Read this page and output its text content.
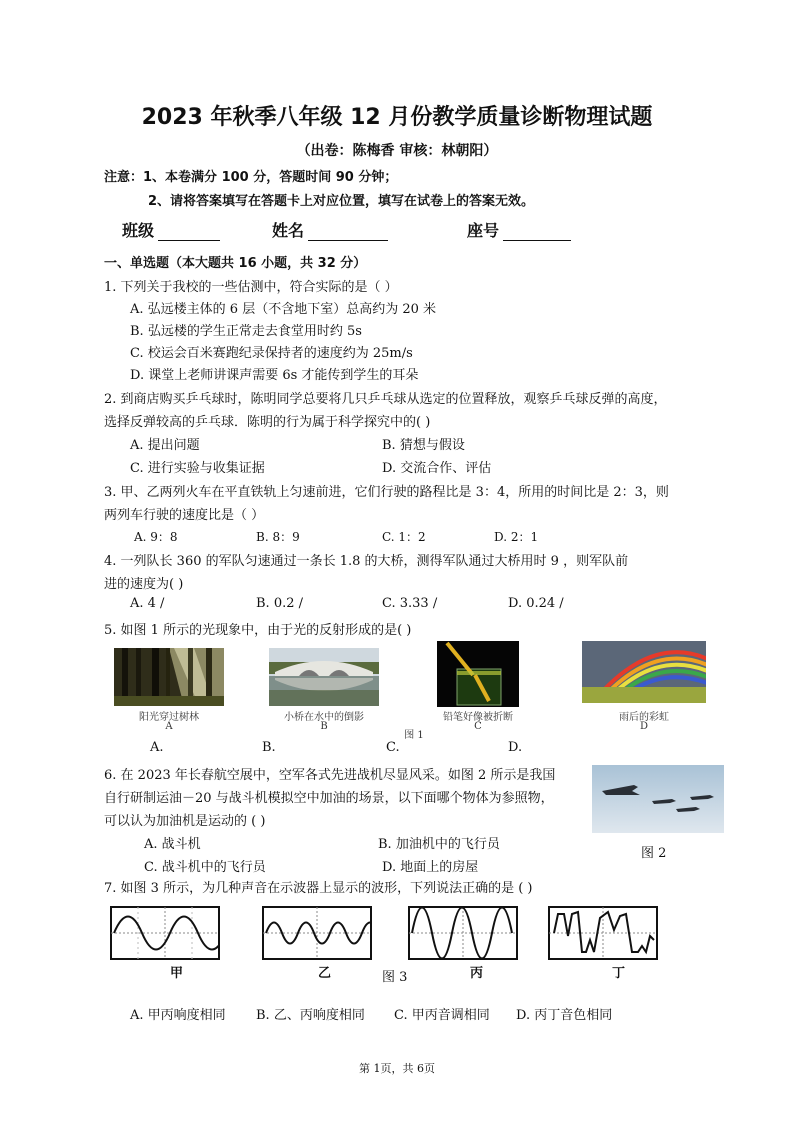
2023 年秋季八年级 12 月份教学质量诊断物理试题
（出卷：陈梅香 审核：林朝阳）
注意：1、本卷满分 100 分，答题时间 90 分钟；
2、请将答案填写在答题卡上对应位置，填写在试卷上的答案无效。
班级	姓名	座号
一、单选题（本大题共 16 小题，共 32 分）
1. 下列关于我校的一些估测中，符合实际的是（ ）
A. 弘远楼主体的 6 层（不含地下室）总高约为 20 米
B. 弘远楼的学生正常走去食堂用时约 5s
C. 校运会百米赛跑纪录保持者的速度约为 25m/s
D. 课堂上老师讲课声需要 6s 才能传到学生的耳朵
2. 到商店购买乒乓球时，陈明同学总要将几只乒乓球从选定的位置释放，观察乒乓球反弹的高度，
选择反弹较高的乒乓球．陈明的行为属于科学探究中的( )
A. 提出问题	B. 猜想与假设
C. 进行实验与收集证据	D. 交流合作、评估
3. 甲、乙两列火车在平直铁轨上匀速前进，它们行驶的路程比是 3：4，所用的时间比是 2：3，则
两列车行驶的速度比是（ ）
A. 9：8	B. 8：9	C. 1：2	D. 2：1
4. 一列队长 360 的军队匀速通过一条长 1.8 的大桥，测得军队通过大桥用时 9 ，则军队前
进的速度为( )
A. 4 /	B. 0.2 /	C. 3.33 /	D. 0.24 /
5. 如图 1 所示的光现象中，由于光的反射形成的是( )
阳光穿过树林	小桥在水中的倒影	铅笔好像被折断	雨后的彩虹
A	B
图 1
C	D
A.	B.	C.	D.
6. 在 2023 年长春航空展中，空军各式先进战机尽显风采。如图 2 所示是我国
自行研制运油－20 与战斗机模拟空中加油的场景，以下面哪个物体为参照物，
可以认为加油机是运动的 ( )
A. 战斗机	B. 加油机中的飞行员
C. 战斗机中的飞行员	D. 地面上的房屋
图 2
7. 如图 3 所示，为几种声音在示波器上显示的波形，下列说法正确的是 ( )
甲	乙	图 3	丙	丁
A. 甲丙响度相同 B. 乙、丙响度相同 C. 甲丙音调相同 D. 丙丁音色相同
第 1页，共 6页
